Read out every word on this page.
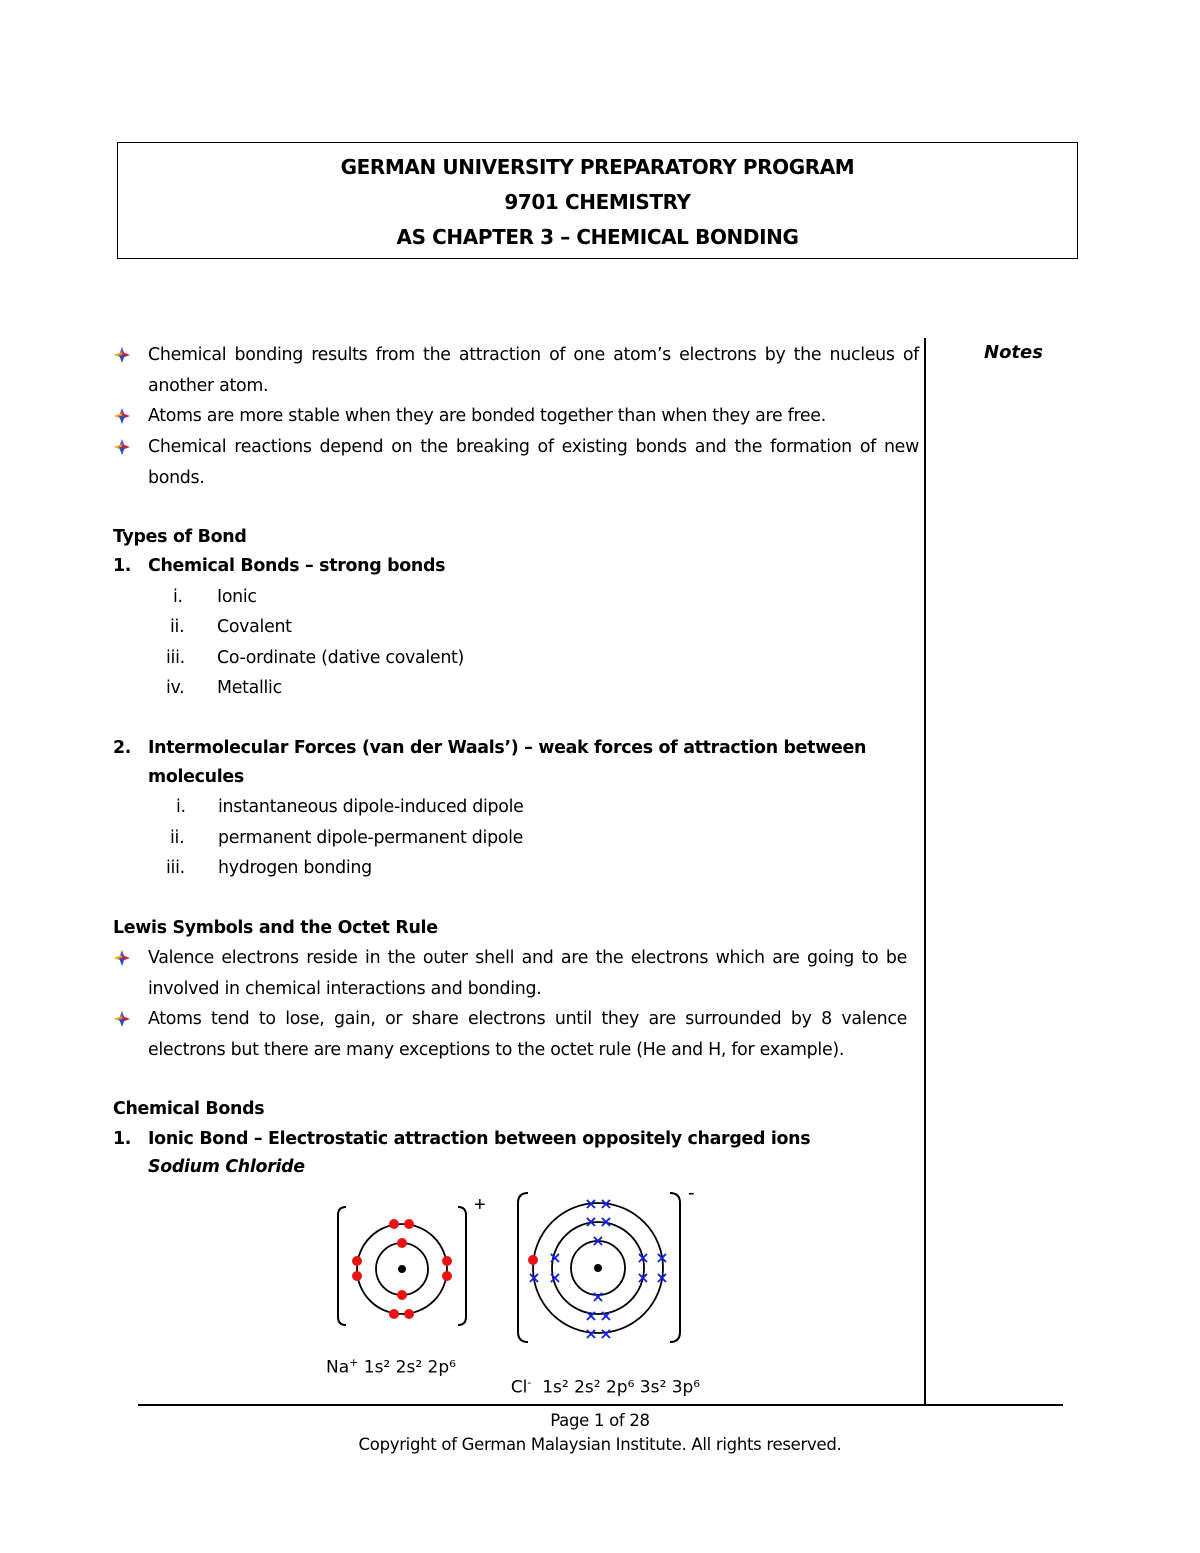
GERMAN UNIVERSITY PREPARATORY PROGRAM
9701 CHEMISTRY
AS CHAPTER 3 – CHEMICAL BONDING
Notes
Chemical bonding results from the attraction of one atom’s electrons by the nucleus of another atom.
Atoms are more stable when they are bonded together than when they are free.
Chemical reactions depend on the breaking of existing bonds and the formation of new bonds.
Types of Bond
1. Chemical Bonds – strong bonds
i. Ionic
ii. Covalent
iii. Co-ordinate (dative covalent)
iv. Metallic
2. Intermolecular Forces (van der Waals’) – weak forces of attraction between
molecules
i. instantaneous dipole-induced dipole
ii. permanent dipole-permanent dipole
iii. hydrogen bonding
Lewis Symbols and the Octet Rule
Valence electrons reside in the outer shell and are the electrons which are going to be involved in chemical interactions and bonding.
Atoms tend to lose, gain, or share electrons until they are surrounded by 8 valence electrons but there are many exceptions to the octet rule (He and H, for example).
Chemical Bonds
1. Ionic Bond – Electrostatic attraction between oppositely charged ions
Sodium Chloride
+
×
×
× ×
× ×
×
×
×
×
× ×
× ×
×
×
×
-
Na+ 1s² 2s² 2p⁶

Cl-  1s² 2s² 2p⁶ 3s² 3p⁶

Page 1 of 28
Copyright of German Malaysian Institute. All rights reserved.
